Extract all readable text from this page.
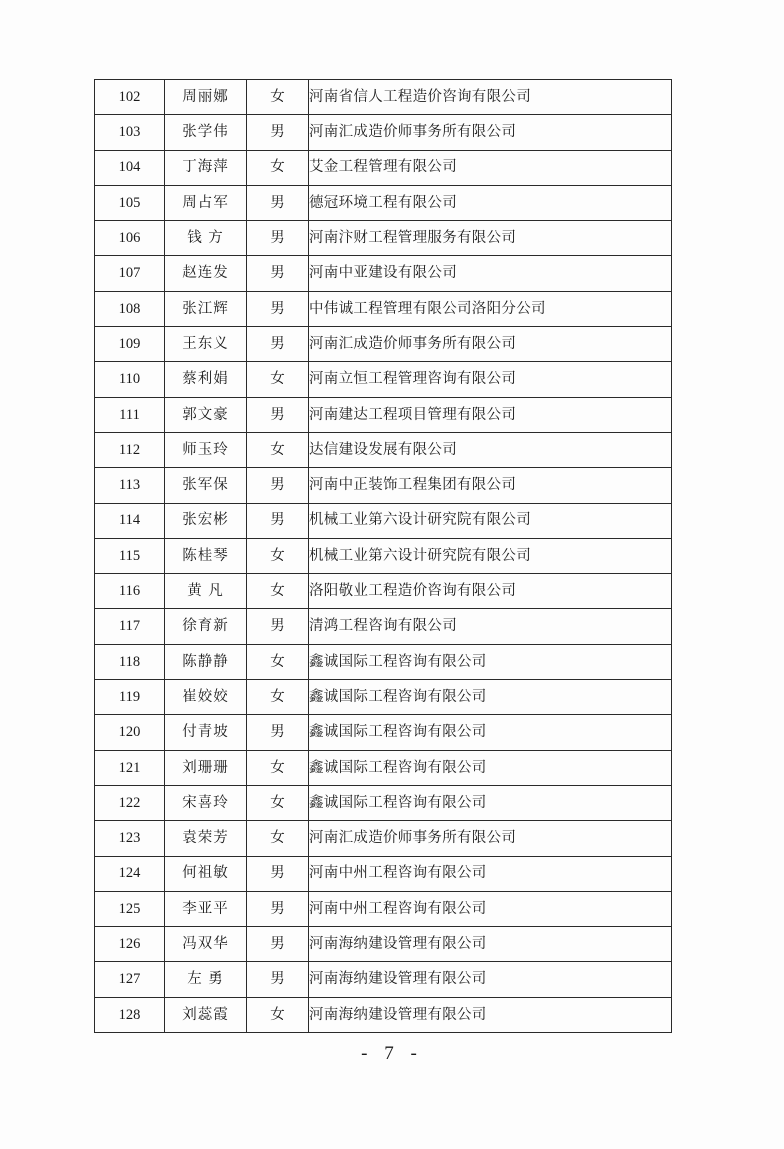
102	周丽娜	女	河南省信人工程造价咨询有限公司
103	张学伟	男	河南汇成造价师事务所有限公司
104	丁海萍	女	艾金工程管理有限公司
105	周占军	男	德冠环境工程有限公司
106	钱 方	男	河南汴财工程管理服务有限公司
107	赵连发	男	河南中亚建设有限公司
108	张江辉	男	中伟诚工程管理有限公司洛阳分公司
109	王东义	男	河南汇成造价师事务所有限公司
110	蔡利娟	女	河南立恒工程管理咨询有限公司
111	郭文豪	男	河南建达工程项目管理有限公司
112	师玉玲	女	达信建设发展有限公司
113	张军保	男	河南中正装饰工程集团有限公司
114	张宏彬	男	机械工业第六设计研究院有限公司
115	陈桂琴	女	机械工业第六设计研究院有限公司
116	黄 凡	女	洛阳敬业工程造价咨询有限公司
117	徐育新	男	清鸿工程咨询有限公司
118	陈静静	女	鑫诚国际工程咨询有限公司
119	崔姣姣	女	鑫诚国际工程咨询有限公司
120	付青坡	男	鑫诚国际工程咨询有限公司
121	刘珊珊	女	鑫诚国际工程咨询有限公司
122	宋喜玲	女	鑫诚国际工程咨询有限公司
123	袁荣芳	女	河南汇成造价师事务所有限公司
124	何祖敏	男	河南中州工程咨询有限公司
125	李亚平	男	河南中州工程咨询有限公司
126	冯双华	男	河南海纳建设管理有限公司
127	左 勇	男	河南海纳建设管理有限公司
128	刘蕊霞	女	河南海纳建设管理有限公司
- 7 -
